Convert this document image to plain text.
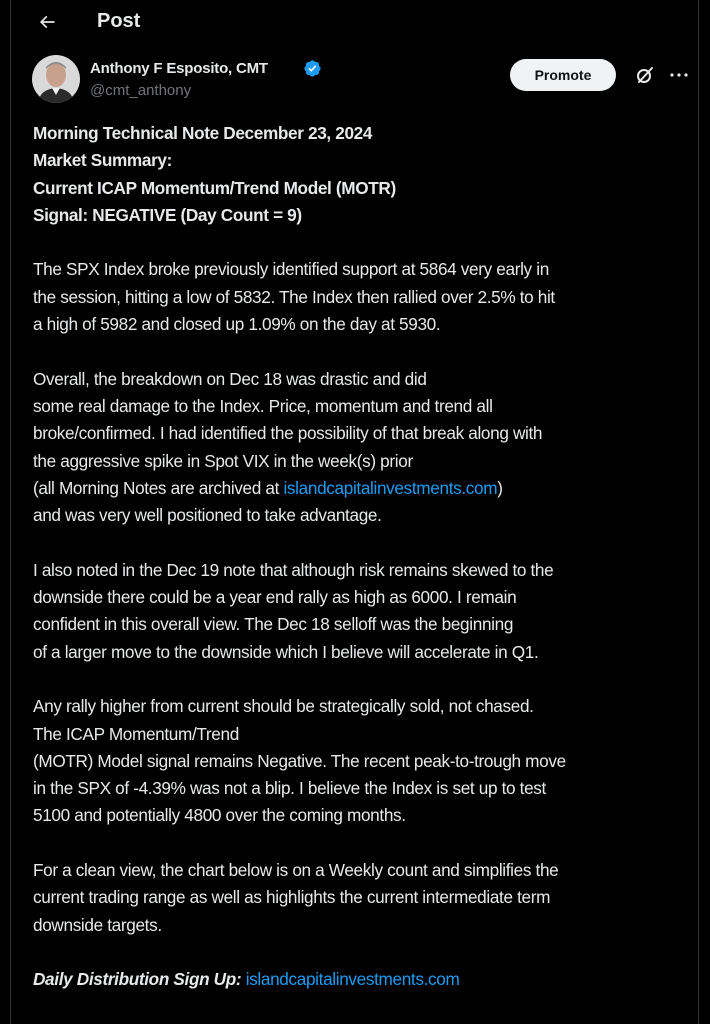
Post
Anthony F Esposito, CMT
@cmt_anthony
Promote
Morning Technical Note December 23, 2024
Market Summary:
Current ICAP Momentum/Trend Model (MOTR)
Signal: NEGATIVE (Day Count = 9)
The SPX Index broke previously identified support at 5864 very early in
the session, hitting a low of 5832. The Index then rallied over 2.5% to hit
a high of 5982 and closed up 1.09% on the day at 5930.
Overall, the breakdown on Dec 18 was drastic and did
some real damage to the Index. Price, momentum and trend all
broke/confirmed. I had identified the possibility of that break along with
the aggressive spike in Spot VIX in the week(s) prior
(all Morning Notes are archived at islandcapitalinvestments.com)
and was very well positioned to take advantage.
I also noted in the Dec 19 note that although risk remains skewed to the
downside there could be a year end rally as high as 6000. I remain
confident in this overall view. The Dec 18 selloff was the beginning
of a larger move to the downside which I believe will accelerate in Q1.
Any rally higher from current should be strategically sold, not chased.
The ICAP Momentum/Trend
(MOTR) Model signal remains Negative. The recent peak-to-trough move
in the SPX of -4.39% was not a blip. I believe the Index is set up to test
5100 and potentially 4800 over the coming months.
For a clean view, the chart below is on a Weekly count and simplifies the
current trading range as well as highlights the current intermediate term
downside targets.
Daily Distribution Sign Up: islandcapitalinvestments.com
